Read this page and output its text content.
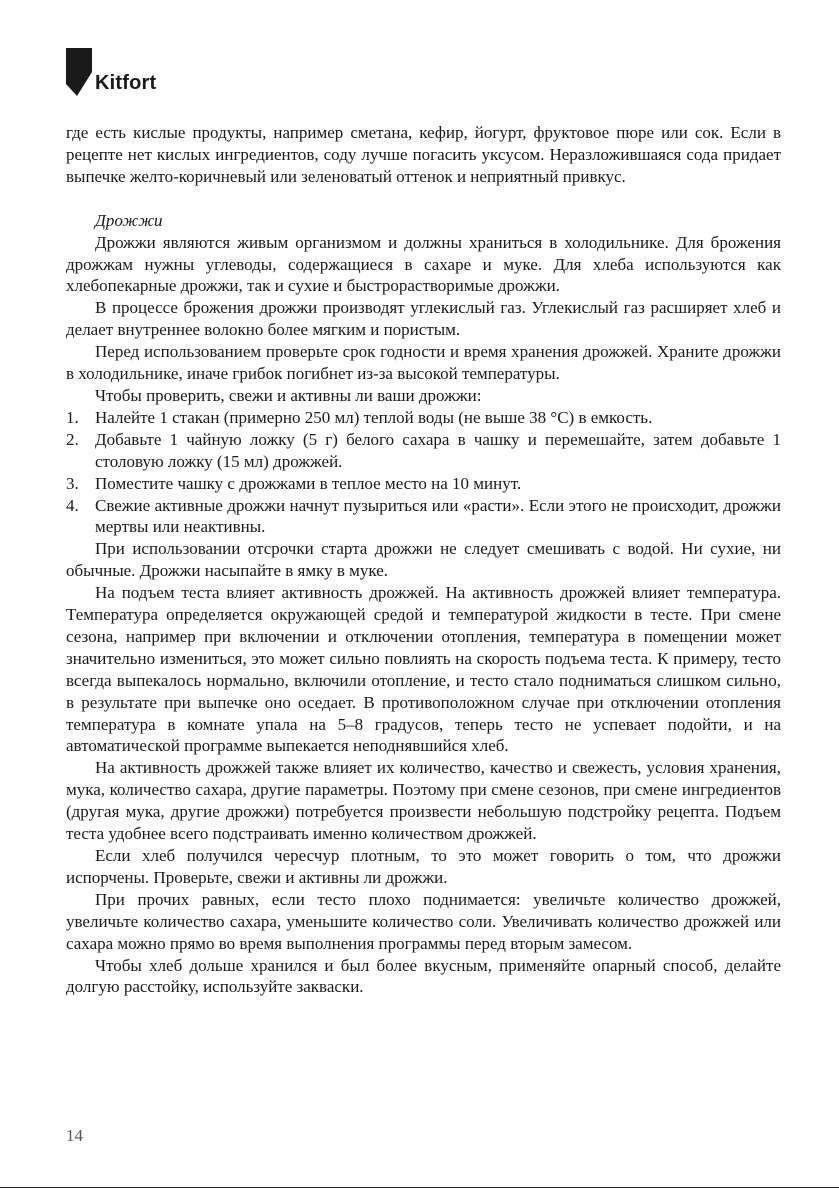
Kitfort

где есть кислые продукты, например сметана, кефир, йогурт, фруктовое пюре или сок. Если в рецепте нет кислых ингредиентов, соду лучше погасить уксусом. Неразложившаяся сода придает выпечке желто-коричневый или зеленоватый оттенок и неприятный привкус.

Дрожжи

Дрожжи являются живым организмом и должны храниться в холодильнике. Для брожения дрожжам нужны углеводы, содержащиеся в сахаре и муке. Для хлеба используются как хлебопекарные дрожжи, так и сухие и быстрорастворимые дрожжи.

В процессе брожения дрожжи производят углекислый газ. Углекислый газ расширяет хлеб и делает внутреннее волокно более мягким и пористым.

Перед использованием проверьте срок годности и время хранения дрожжей. Храните дрожжи в холодильнике, иначе грибок погибнет из-за высокой температуры.

Чтобы проверить, свежи и активны ли ваши дрожжи:

1. Налейте 1 стакан (примерно 250 мл) теплой воды (не выше 38 °С) в емкость.
2. Добавьте 1 чайную ложку (5 г) белого сахара в чашку и перемешайте, затем добавьте 1 столовую ложку (15 мл) дрожжей.
3. Поместите чашку с дрожжами в теплое место на 10 минут.
4. Свежие активные дрожжи начнут пузыриться или «расти». Если этого не происходит, дрожжи мертвы или неактивны.

При использовании отсрочки старта дрожжи не следует смешивать с водой. Ни сухие, ни обычные. Дрожжи насыпайте в ямку в муке.

На подъем теста влияет активность дрожжей. На активность дрожжей влияет температура. Температура определяется окружающей средой и температурой жидкости в тесте. При смене сезона, например при включении и отключении отопления, температура в помещении может значительно измениться, это может сильно повлиять на скорость подъема теста. К примеру, тесто всегда выпекалось нормально, включили отопление, и тесто стало подниматься слишком сильно, в результате при выпечке оно оседает. В противоположном случае при отключении отопления температура в комнате упала на 5–8 градусов, теперь тесто не успевает подойти, и на автоматической программе выпекается неподнявшийся хлеб.

На активность дрожжей также влияет их количество, качество и свежесть, условия хранения, мука, количество сахара, другие параметры. Поэтому при смене сезонов, при смене ингредиентов (другая мука, другие дрожжи) потребуется произвести небольшую подстройку рецепта. Подъем теста удобнее всего подстраивать именно количеством дрожжей.

Если хлеб получился чересчур плотным, то это может говорить о том, что дрожжи испорчены. Проверьте, свежи и активны ли дрожжи.

При прочих равных, если тесто плохо поднимается: увеличьте количество дрожжей, увеличьте количество сахара, уменьшите количество соли. Увеличивать количество дрожжей или сахара можно прямо во время выполнения программы перед вторым замесом.

Чтобы хлеб дольше хранился и был более вкусным, применяйте опарный способ, делайте долгую расстойку, используйте закваски.

14
